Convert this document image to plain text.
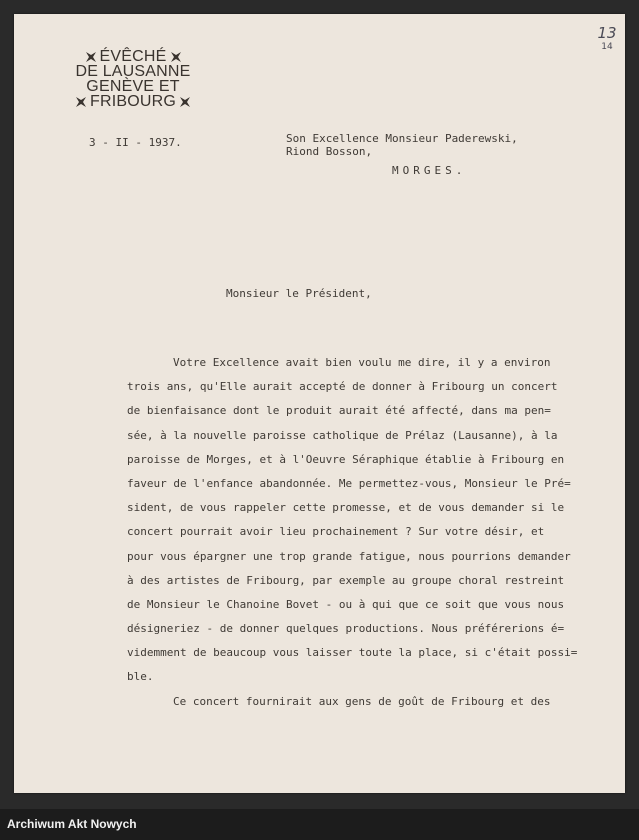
ÉVÊCHÉ
DE LAUSANNE
GENÈVE ET
FRIBOURG
13
14
3 - II - 1937.	Son Excellence Monsieur Paderewski,
Riond Bosson,
MORGES.
Monsieur le Président,
Votre Excellence avait bien voulu me dire, il y a environ
trois ans, qu'Elle aurait accepté de donner à Fribourg un concert
de bienfaisance dont le produit aurait été affecté, dans ma pen=
sée, à la nouvelle paroisse catholique de Prélaz (Lausanne), à la
paroisse de Morges, et à l'Oeuvre Séraphique établie à Fribourg en
faveur de l'enfance abandonnée. Me permettez-vous, Monsieur le Pré=
sident, de vous rappeler cette promesse, et de vous demander si le
concert pourrait avoir lieu prochainement ? Sur votre désir, et
pour vous épargner une trop grande fatigue, nous pourrions demander
à des artistes de Fribourg, par exemple au groupe choral restreint
de Monsieur le Chanoine Bovet - ou à qui que ce soit que vous nous
désigneriez - de donner quelques productions. Nous préférerions é=
videmment de beaucoup vous laisser toute la place, si c'était possi=
ble.
Ce concert fournirait aux gens de goût de Fribourg et des
Archiwum Akt Nowych
